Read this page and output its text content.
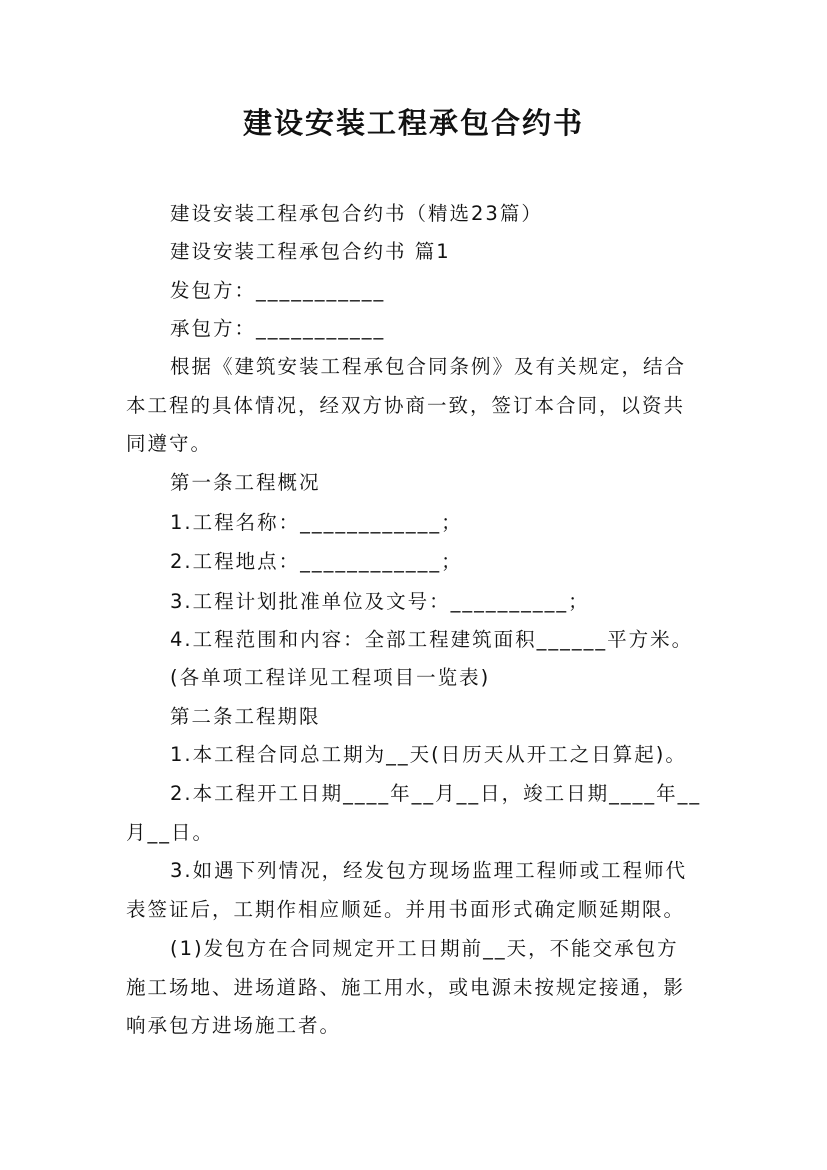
建设安装工程承包合约书
建设安装工程承包合约书（精选23篇）
建设安装工程承包合约书 篇1
发包方：___________
承包方：___________
根据《建筑安装工程承包合同条例》及有关规定，结合
本工程的具体情况，经双方协商一致，签订本合同，以资共
同遵守。
第一条工程概况
1.工程名称：____________；
2.工程地点：____________；
3.工程计划批准单位及文号：__________；
4.工程范围和内容：全部工程建筑面积______平方米。
(各单项工程详见工程项目一览表)
第二条工程期限
1.本工程合同总工期为__天(日历天从开工之日算起)。
2.本工程开工日期____年__月__日，竣工日期____年__
月__日。
3.如遇下列情况，经发包方现场监理工程师或工程师代
表签证后，工期作相应顺延。并用书面形式确定顺延期限。
(1)发包方在合同规定开工日期前__天，不能交承包方
施工场地、进场道路、施工用水，或电源未按规定接通，影
响承包方进场施工者。
